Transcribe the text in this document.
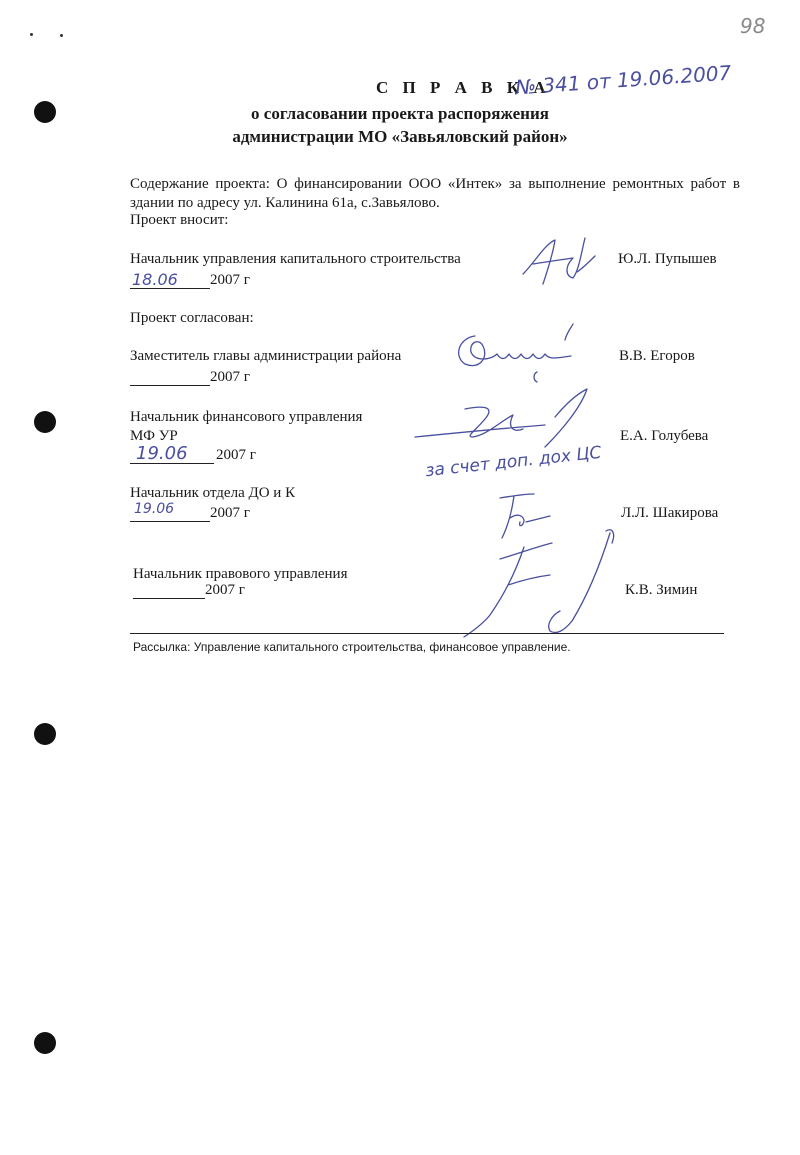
98
С П Р А В К А
№ 341 от 19.06.2007
о согласовании проекта распоряжения
администрации МО «Завьяловский район»
Содержание проекта: О финансировании ООО «Интек» за выполнение ремонтных работ в здании по адресу ул. Калинина 61а, с.Завьялово.
Проект вносит:
Начальник управления капитального строительства
18.06 2007 г
Ю.Л. Пупышев
Проект согласован:
Заместитель главы администрации района
2007 г
В.В. Егоров
Начальник финансового управления
МФ УР
19.06 2007 г
Е.А. Голубева
за счет доп. дох ЦС
Начальник отдела ДО и К
19.06 2007 г	Л.Л. Шакирова
Начальник правового управления
2007 г	К.В. Зимин
Рассылка: Управление капитального строительства, финансовое управление.
